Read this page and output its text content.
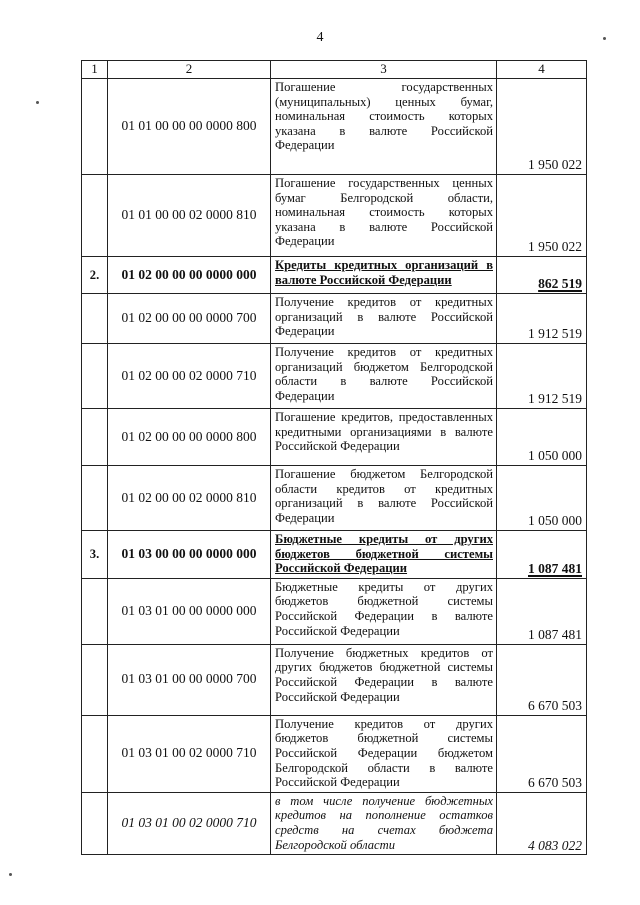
4
1	2	3	4
	01 01 00 00 00 0000 800	Погашение государственных (муниципальных) ценных бумаг, номинальная стоимость которых указана в валюте Российской Федерации	1 950 022
	01 01 00 00 02 0000 810	Погашение государственных ценных бумаг Белгородской области, номинальная стоимость которых указана в валюте Российской Федерации	1 950 022
2.	01 02 00 00 00 0000 000	Кредиты кредитных организаций в валюте Российской Федерации	862 519
	01 02 00 00 00 0000 700	Получение кредитов от кредитных организаций в валюте Российской Федерации	1 912 519
	01 02 00 00 02 0000 710	Получение кредитов от кредитных организаций бюджетом Белгородской области в валюте Российской Федерации	1 912 519
	01 02 00 00 00 0000 800	Погашение кредитов, предоставленных кредитными организациями в валюте Российской Федерации	1 050 000
	01 02 00 00 02 0000 810	Погашение бюджетом Белгородской области кредитов от кредитных организаций в валюте Российской Федерации	1 050 000
3.	01 03 00 00 00 0000 000	Бюджетные кредиты от других бюджетов бюджетной системы Российской Федерации	1 087 481
	01 03 01 00 00 0000 000	Бюджетные кредиты от других бюджетов бюджетной системы Российской Федерации в валюте Российской Федерации	1 087 481
	01 03 01 00 00 0000 700	Получение бюджетных кредитов от других бюджетов бюджетной системы Российской Федерации в валюте Российской Федерации	6 670 503
	01 03 01 00 02 0000 710	Получение кредитов от других бюджетов бюджетной системы Российской Федерации бюджетом Белгородской области в валюте Российской Федерации	6 670 503
	01 03 01 00 02 0000 710	в том числе получение бюджетных кредитов на пополнение остатков средств на счетах бюджета Белгородской области	4 083 022
